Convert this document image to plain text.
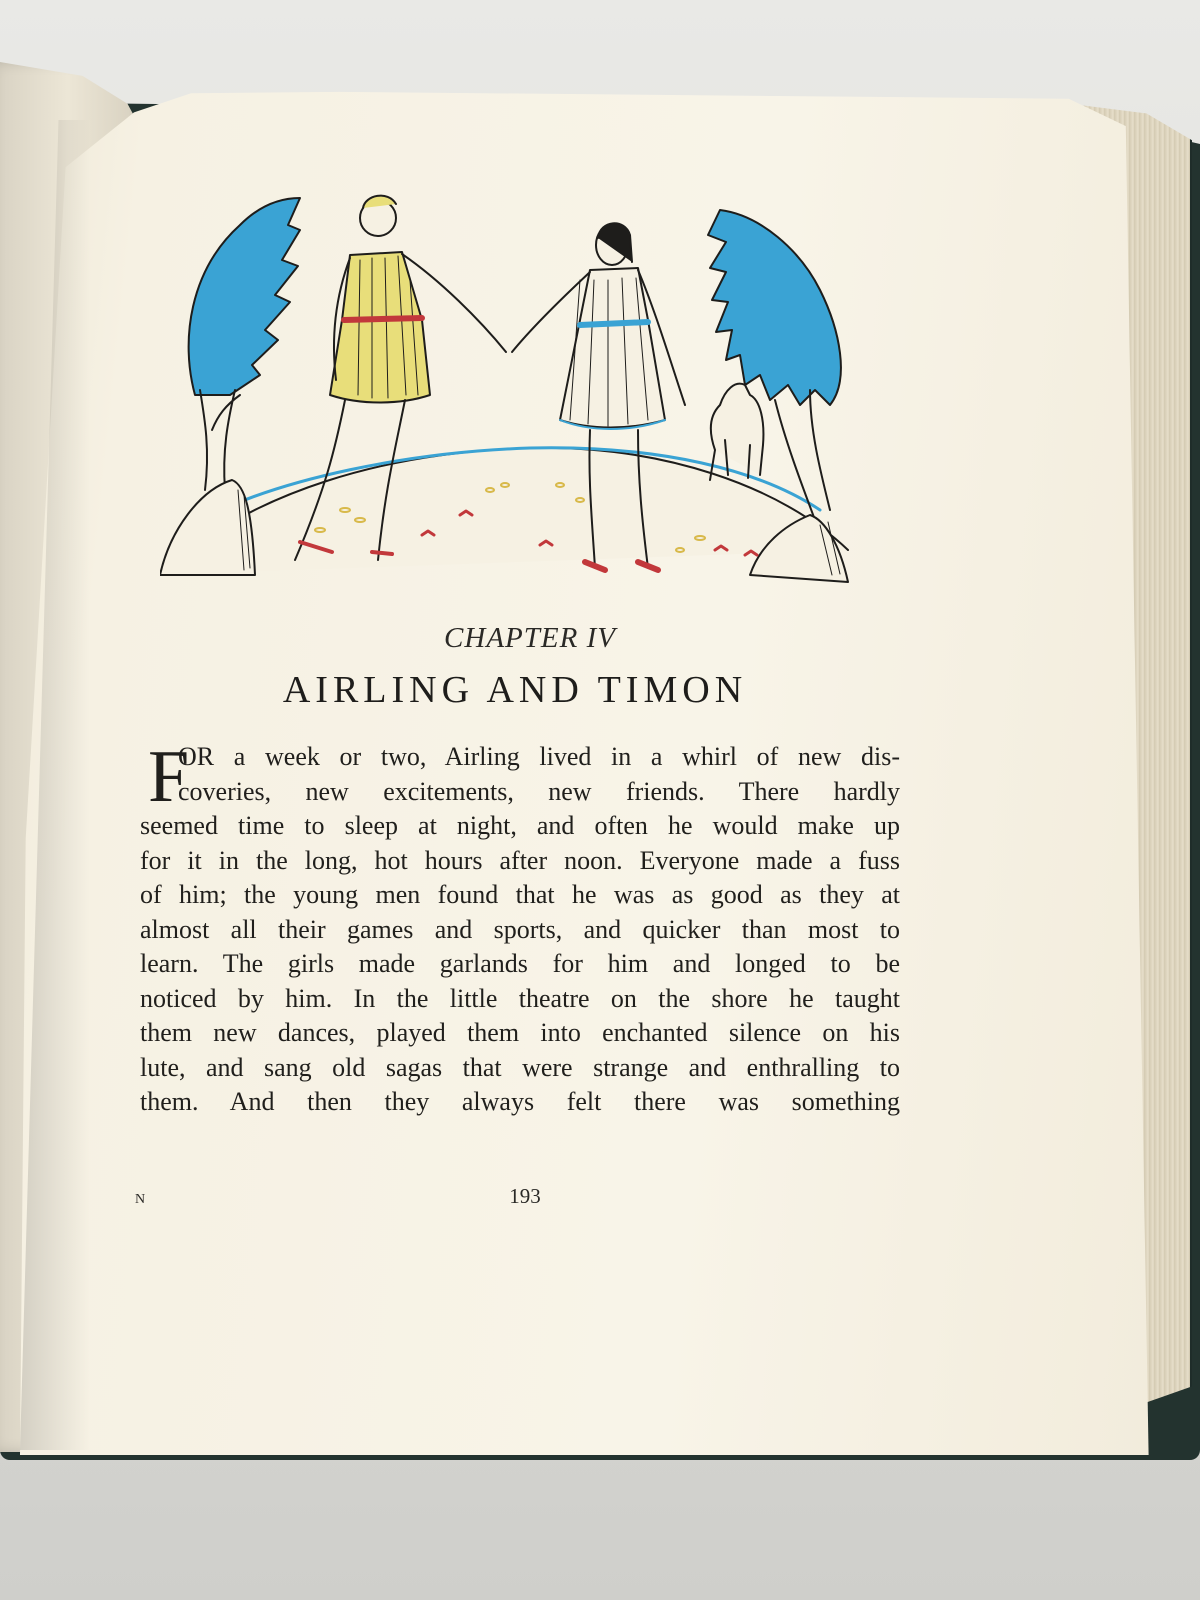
CHAPTER IV
AIRLING AND TIMON
F
OR a week or two, Airling lived in a whirl of new dis-
coveries, new excitements, new friends. There hardly
seemed time to sleep at night, and often he would make up
for it in the long, hot hours after noon. Everyone made a fuss
of him; the young men found that he was as good as they at
almost all their games and sports, and quicker than most to
learn. The girls made garlands for him and longed to be
noticed by him. In the little theatre on the shore he taught
them new dances, played them into enchanted silence on his
lute, and sang old sagas that were strange and enthralling to
them. And then they always felt there was something
N	193
